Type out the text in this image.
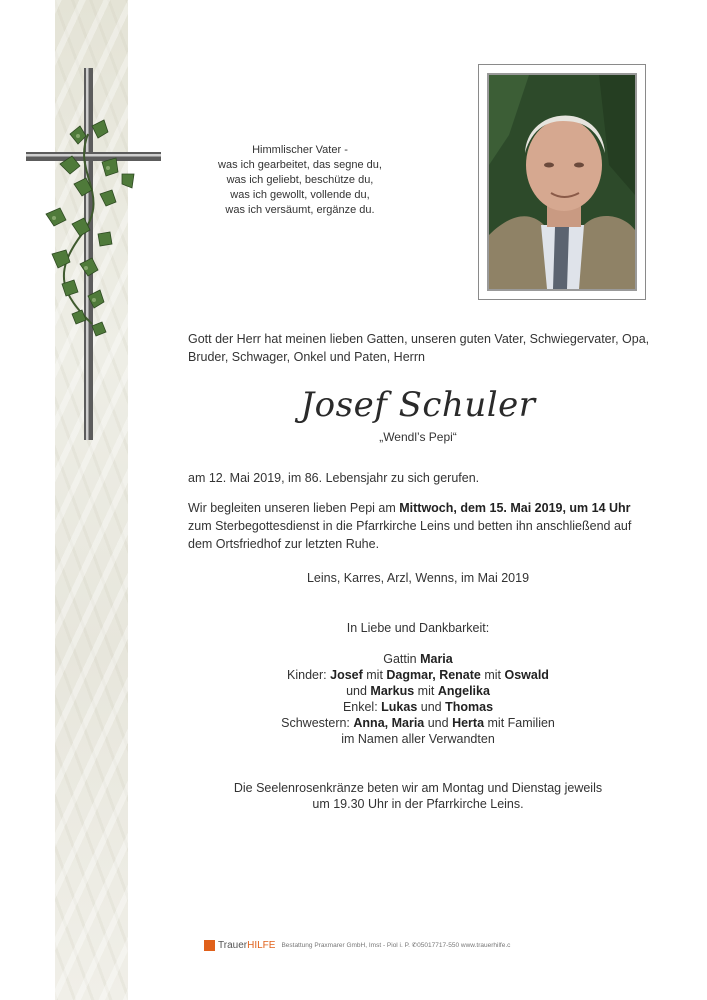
Himmlischer Vater -
was ich gearbeitet, das segne du,
was ich geliebt, beschütze du,
was ich gewollt, vollende du,
was ich versäumt, ergänze du.
Gott der Herr hat meinen lieben Gatten, unseren guten Vater, Schwiegervater, Opa, Bruder, Schwager, Onkel und Paten, Herrn
Josef Schuler
„Wendl’s Pepi“
am 12. Mai 2019, im 86. Lebensjahr zu sich gerufen.
Wir begleiten unseren lieben Pepi am Mittwoch, dem 15. Mai 2019, um 14 Uhr
zum Sterbegottesdienst in die Pfarrkirche Leins und betten ihn anschließend auf
dem Ortsfriedhof zur letzten Ruhe.
Leins, Karres, Arzl, Wenns, im Mai 2019
In Liebe und Dankbarkeit:
Gattin Maria
Kinder: Josef mit Dagmar, Renate mit Oswald
und Markus mit Angelika
Enkel: Lukas und Thomas
Schwestern: Anna, Maria und Herta mit Familien
im Namen aller Verwandten
Die Seelenrosenkränze beten wir am Montag und Dienstag jeweils
um 19.30 Uhr in der Pfarrkirche Leins.
Trauer HILFE Bestattung Praxmarer GmbH, Imst - Piol i. P. ✆05017717-550 www.trauerhilfe.c
